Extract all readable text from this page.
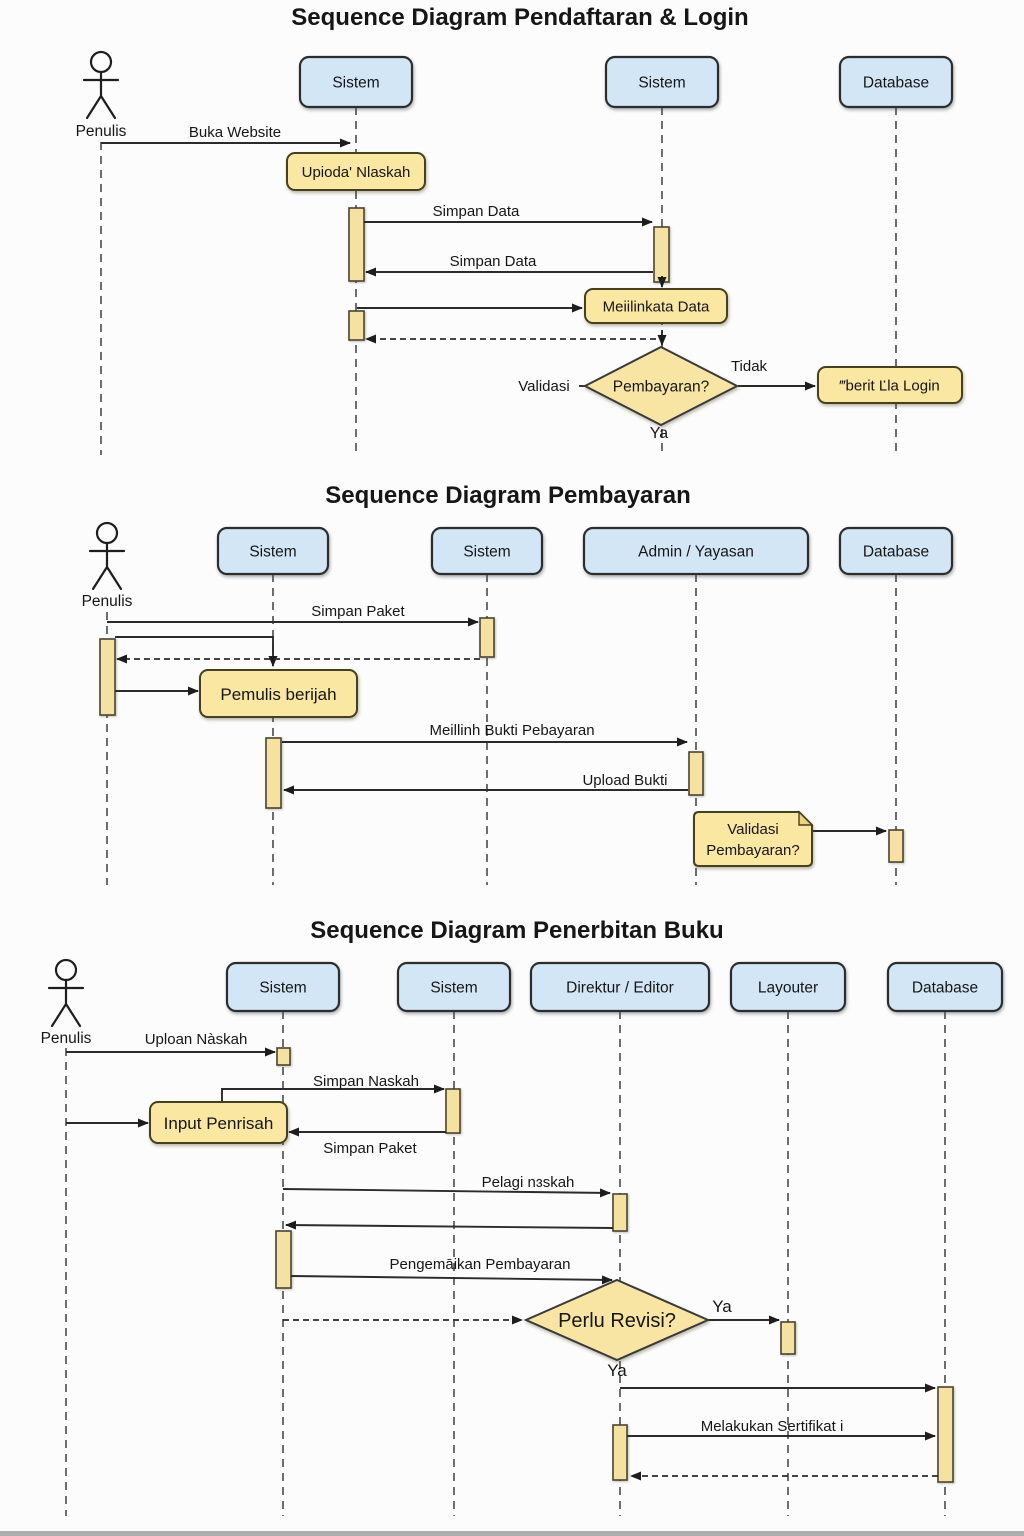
Sistem	Sistem	Database
Upioda' Nlaskah
Meiilinkata Data
‴berit Ľla Login
Pembayaran?
Penulis
Sequence Diagram Pendaftaran & Login
Buka Website
Simpan Data
Simpan Data
Validasi
Tidak
Ya
Sistem	Sistem	Admin / Yayasan	Database
Pemulis berijah
Validasi
Pembayaran?
Penulis
Sequence Diagram Pembayaran
Simpan Paket
Meillinh Bukti Pebayaran
Upload Bukti
Sistem	Sistem	Direktur / Editor	Layouter	Database
Input Penrisah
Perlu Revisi?
Penulis
Sequence Diagram Penerbitan Buku
Uploan Nàskah
Simpan Naskah
Simpan Paket
Pelagi nɜskah
Pengemāikan Pembayaran
Ya
Ya
Melakukan Sertifikat i
